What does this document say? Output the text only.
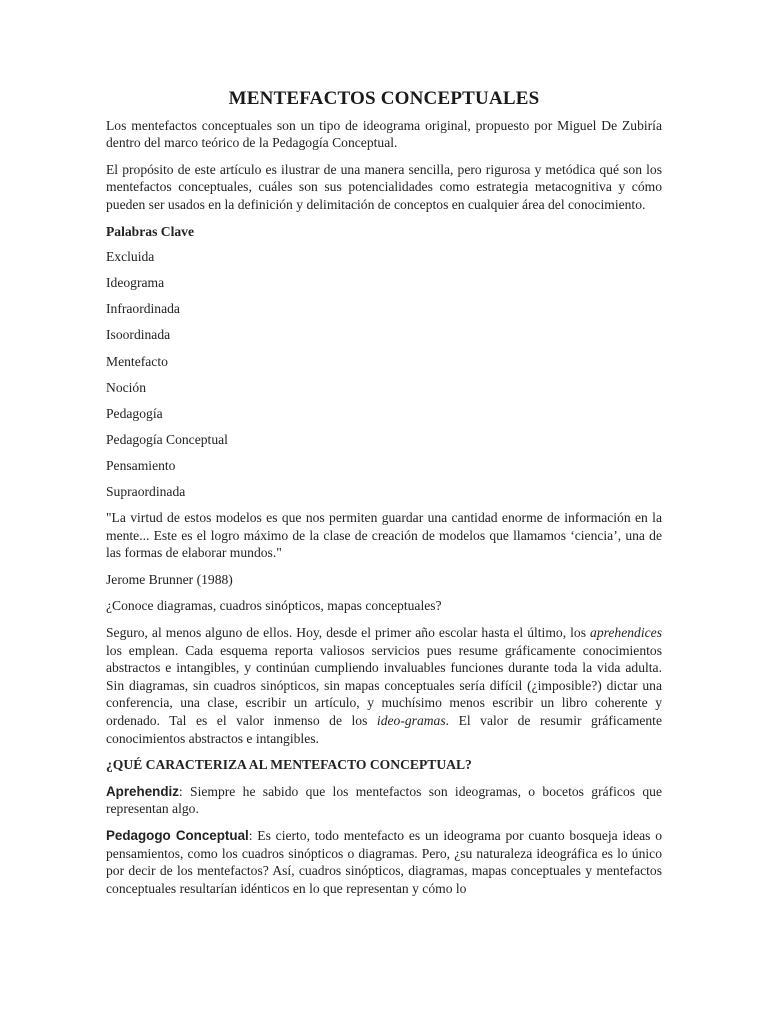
MENTEFACTOS CONCEPTUALES

Los mentefactos conceptuales son un tipo de ideograma original, propuesto por Miguel De Zubiría dentro del marco teórico de la Pedagogía Conceptual.

El propósito de este artículo es ilustrar de una manera sencilla, pero rigurosa y metódica qué son los mentefactos conceptuales, cuáles son sus potencialidades como estrategia metacognitiva y cómo pueden ser usados en la definición y delimitación de conceptos en cualquier área del conocimiento.

Palabras Clave

Excluida

Ideograma

Infraordinada

Isoordinada

Mentefacto

Noción

Pedagogía

Pedagogía Conceptual

Pensamiento

Supraordinada

"La virtud de estos modelos es que nos permiten guardar una cantidad enorme de información en la mente... Este es el logro máximo de la clase de creación de modelos que llamamos ‘ciencia’, una de las formas de elaborar mundos."

Jerome Brunner (1988)

¿Conoce diagramas, cuadros sinópticos, mapas conceptuales?

Seguro, al menos alguno de ellos. Hoy, desde el primer año escolar hasta el último, los aprehendices los emplean. Cada esquema reporta valiosos servicios pues resume gráficamente conocimientos abstractos e intangibles, y continúan cumpliendo invaluables funciones durante toda la vida adulta. Sin diagramas, sin cuadros sinópticos, sin mapas conceptuales sería difícil (¿imposible?) dictar una conferencia, una clase, escribir un artículo, y muchísimo menos escribir un libro coherente y ordenado. Tal es el valor inmenso de los ideo-gramas. El valor de resumir gráficamente conocimientos abstractos e intangibles.

¿QUÉ CARACTERIZA AL MENTEFACTO CONCEPTUAL?

Aprehendiz: Siempre he sabido que los mentefactos son ideogramas, o bocetos gráficos que representan algo.

Pedagogo Conceptual: Es cierto, todo mentefacto es un ideograma por cuanto bosqueja ideas o pensamientos, como los cuadros sinópticos o diagramas. Pero, ¿su naturaleza ideográfica es lo único por decir de los mentefactos? Así, cuadros sinópticos, diagramas, mapas conceptuales y mentefactos conceptuales resultarían idénticos en lo que representan y cómo lo
